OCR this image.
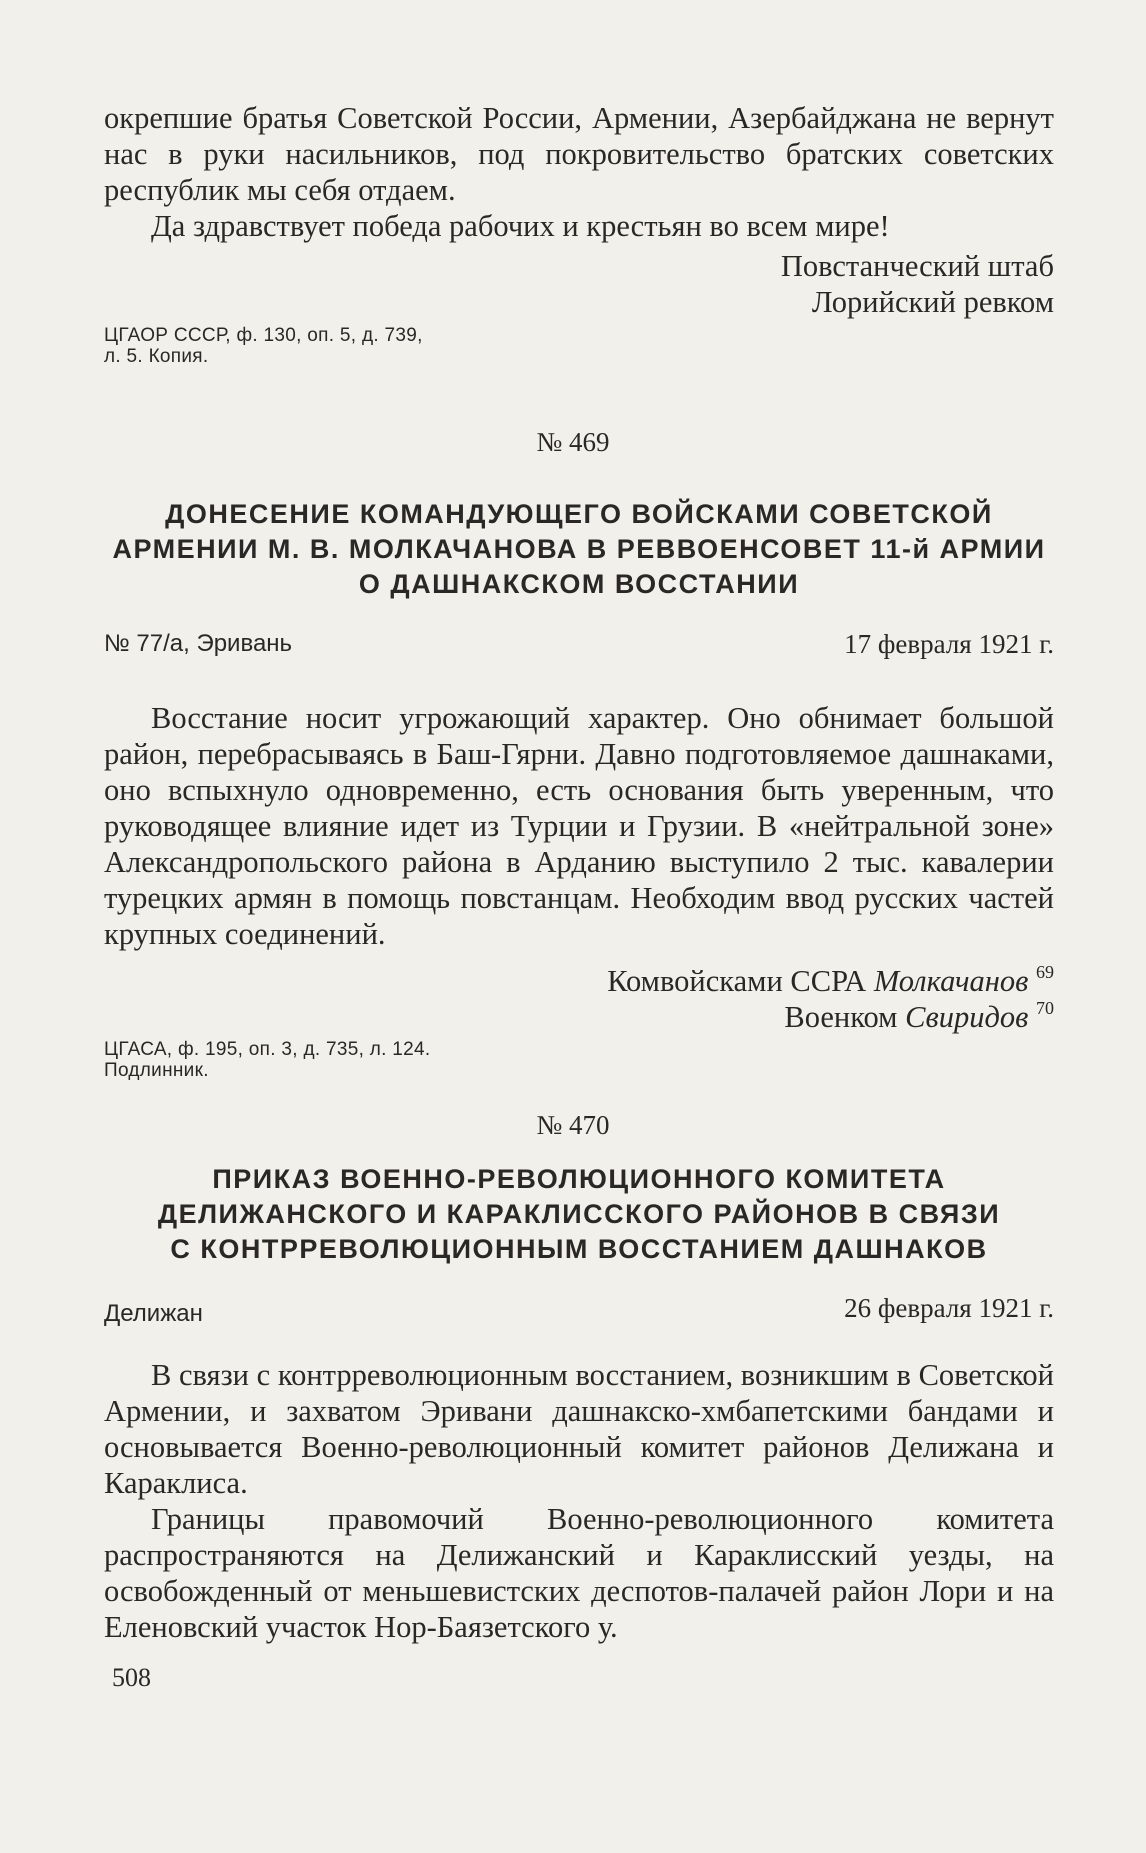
окрепшие братья Советской России, Армении, Азербайджана не вернут нас в руки насильников, под покровительство братских советских республик мы себя отдаем.

Да здравствует победа рабочих и крестьян во всем мире!

Повстанческий штаб
Лорийский ревком
ЦГАОР СССР, ф. 130, оп. 5, д. 739,
л. 5. Копия.
№ 469
ДОНЕСЕНИЕ КОМАНДУЮЩЕГО ВОЙСКАМИ СОВЕТСКОЙ
АРМЕНИИ М. В. МОЛКАЧАНОВА В РЕВВОЕНСОВЕТ 11-й АРМИИ
О ДАШНАКСКОМ ВОССТАНИИ
№ 77/а, Эривань	17 февраля 1921 г.

Восстание носит угрожающий характер. Оно обнимает большой район, перебрасываясь в Баш-Гярни. Давно подготовляемое дашнаками, оно вспыхнуло одновременно, есть основания быть уверенным, что руководящее влияние идет из Турции и Грузии. В «нейтральной зоне» Александропольского района в Арданию выступило 2 тыс. кавалерии турецких армян в помощь повстанцам. Необходим ввод русских частей крупных соединений.

Комвойсками ССРА Молкачанов $^{69}$
Военком Свиридов $^{70}$
ЦГАСА, ф. 195, оп. 3, д. 735, л. 124.
Подлинник.
№ 470
ПРИКАЗ ВОЕННО-РЕВОЛЮЦИОННОГО КОМИТЕТА
ДЕЛИЖАНСКОГО И КАРАКЛИССКОГО РАЙОНОВ В СВЯЗИ
С КОНТРРЕВОЛЮЦИОННЫМ ВОССТАНИЕМ ДАШНАКОВ
Делижан	26 февраля 1921 г.

В связи с контрреволюционным восстанием, возникшим в Советской Армении, и захватом Эривани дашнакско-хмбапетскими бандами и основывается Военно-революционный комитет районов Делижана и Караклиса.

Границы правомочий Военно-революционного комитета распространяются на Делижанский и Караклисский уезды, на освобожденный от меньшевистских деспотов-палачей район Лори и на Еленовский участок Нор-Баязетского у.

508
